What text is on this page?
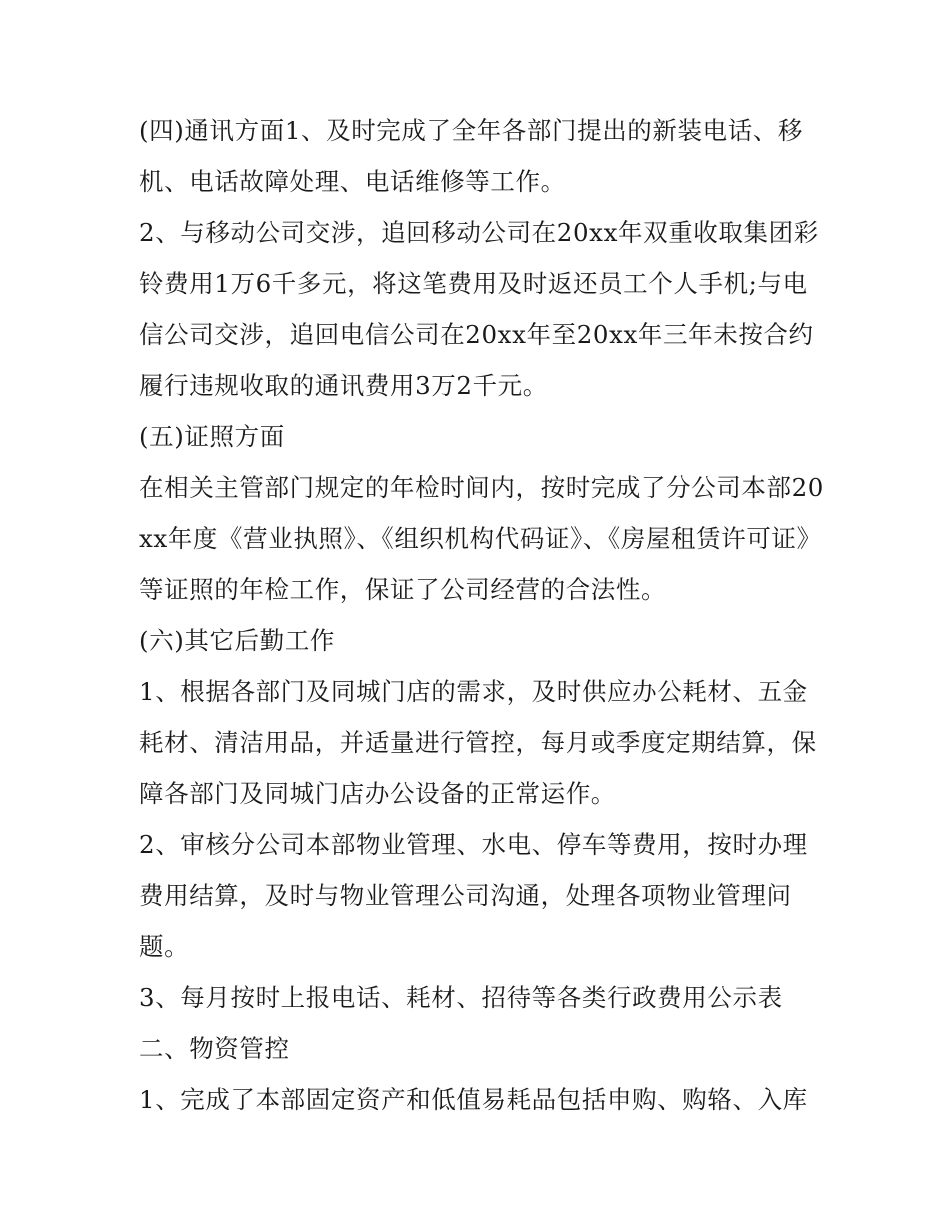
(四)通讯方面1、及时完成了全年各部门提出的新装电话、移机、电话故障处理、电话维修等工作。

2、与移动公司交涉，追回移动公司在20xx年双重收取集团彩铃费用1万6千多元，将这笔费用及时返还员工个人手机;与电信公司交涉，追回电信公司在20xx年至20xx年三年未按合约履行违规收取的通讯费用3万2千元。

(五)证照方面

在相关主管部门规定的年检时间内，按时完成了分公司本部20xx年度《营业执照》、《组织机构代码证》、《房屋租赁许可证》等证照的年检工作，保证了公司经营的合法性。

(六)其它后勤工作

1、根据各部门及同城门店的需求，及时供应办公耗材、五金耗材、清洁用品，并适量进行管控，每月或季度定期结算，保障各部门及同城门店办公设备的正常运作。

2、审核分公司本部物业管理、水电、停车等费用，按时办理费用结算，及时与物业管理公司沟通，处理各项物业管理问题。

3、每月按时上报电话、耗材、招待等各类行政费用公示表

二、物资管控

1、完成了本部固定资产和低值易耗品包括申购、购辂、入库
